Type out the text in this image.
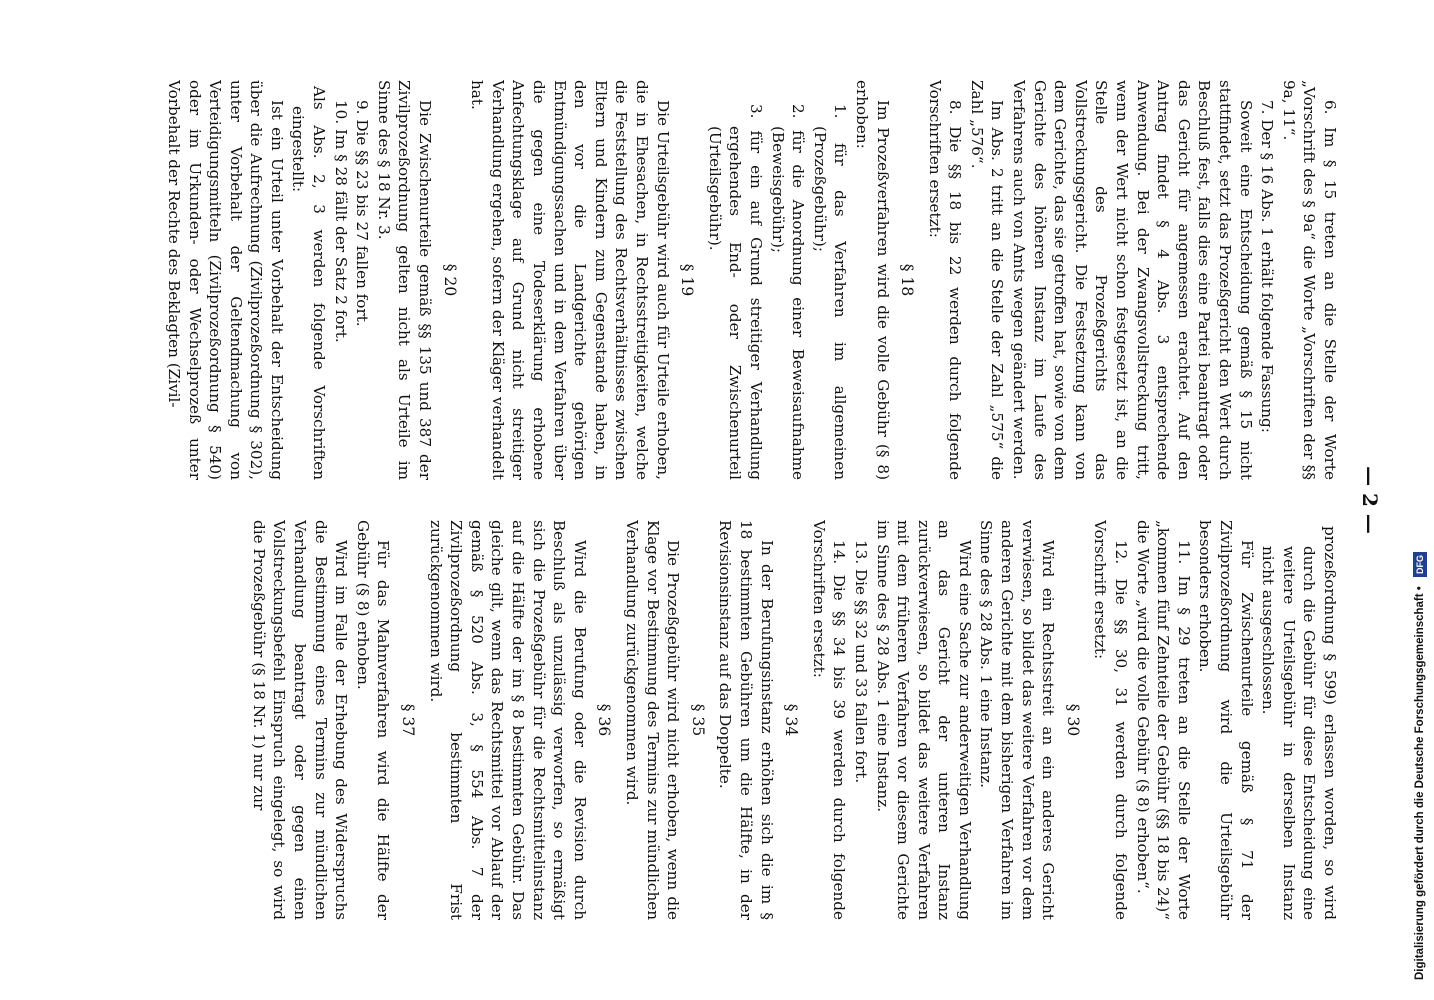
— 2 —

6. Im § 15 treten an die Stelle der Worte „Vorschrift des § 9a“ die Worte „Vorschriften der §§ 9a, 11“.

7. Der § 16 Abs. 1 erhält folgende Fassung:

Soweit eine Entscheidung gemäß § 15 nicht stattfindet, setzt das Prozeßgericht den Wert durch Beschluß fest, falls dies eine Partei beantragt oder das Gericht für angemessen erachtet. Auf den Antrag findet § 4 Abs. 3 entsprechende Anwendung. Bei der Zwangsvollstreckung tritt, wenn der Wert nicht schon festgesetzt ist, an die Stelle des Prozeßgerichts das Vollstreckungsgericht. Die Festsetzung kann von dem Gerichte, das sie getroffen hat, sowie von dem Gerichte des höheren Instanz im Laufe des Verfahrens auch von Amts wegen geändert werden.

Im Abs. 2 tritt an die Stelle der Zahl „575“ die Zahl „576“.

8. Die §§ 18 bis 22 werden durch folgende Vorschriften ersetzt:

§ 18

Im Prozeßverfahren wird die volle Gebühr (§ 8) erhoben:

1. für das Verfahren im allgemeinen (Prozeßgebühr);

2. für die Anordnung einer Beweisaufnahme (Beweisgebühr);

3. für ein auf Grund streitiger Verhandlung ergehendes End- oder Zwischenurteil (Urteilsgebühr).

§ 19

Die Urteilsgebühr wird auch für Urteile erhoben, die in Ehesachen, in Rechtsstreitigkeiten, welche die Feststellung des Rechtsverhältnisses zwischen Eltern und Kindern zum Gegenstande haben, in den vor die Landgerichte gehörigen Entmündigungssachen und in dem Verfahren über die gegen eine Todeserklärung erhobene Anfechtungsklage auf Grund nicht streitiger Verhandlung ergehen, sofern der Kläger verhandelt hat.

§ 20

Die Zwischenurteile gemäß §§ 135 und 387 der Zivilprozeßordnung gelten nicht als Urteile im Sinne des § 18 Nr. 3.

9. Die §§ 23 bis 27 fallen fort.

10. Im § 28 fällt der Satz 2 fort.

Als Abs. 2, 3 werden folgende Vorschriften eingestellt:

Ist ein Urteil unter Vorbehalt der Entscheidung über die Aufrechnung (Zivilprozeßordnung § 302), unter Vorbehalt der Geltendmachung von Verteidigungsmitteln (Zivilprozeßordnung § 540) oder im Urkunden- oder Wechselprozeß unter Vorbehalt der Rechte des Beklagten (Zivil-

prozeßordnung § 599) erlassen worden, so wird durch die Gebühr für diese Entscheidung eine weitere Urteilsgebühr in derselben Instanz nicht ausgeschlossen.

Für Zwischenurteile gemäß § 71 der Zivilprozeßordnung wird die Urteilsgebühr besonders erhoben.

11. Im § 29 treten an die Stelle der Worte „kommen fünf Zehnteile der Gebühr (§§ 18 bis 24)“ die Worte „wird die volle Gebühr (§ 8) erhoben“.

12. Die §§ 30, 31 werden durch folgende Vorschrift ersetzt:

§ 30

Wird ein Rechtsstreit an ein anderes Gericht verwiesen, so bildet das weitere Verfahren vor dem anderen Gerichte mit dem bisherigen Verfahren im Sinne des § 28 Abs. 1 eine Instanz.

Wird eine Sache zur anderweitigen Verhandlung an das Gericht der unteren Instanz zurückverwiesen, so bildet das weitere Verfahren mit dem früheren Verfahren vor diesem Gerichte im Sinne des § 28 Abs. 1 eine Instanz.

13. Die §§ 32 und 33 fallen fort.

14. Die §§ 34 bis 39 werden durch folgende Vorschriften ersetzt:

§ 34

In der Berufungsinstanz erhöhen sich die im § 18 bestimmten Gebühren um die Hälfte, in der Revisionsinstanz auf das Doppelte.

§ 35

Die Prozeßgebühr wird nicht erhoben, wenn die Klage vor Bestimmung des Termins zur mündlichen Verhandlung zurückgenommen wird.

§ 36

Wird die Berufung oder die Revision durch Beschluß als unzulässig verworfen, so ermäßigt sich die Prozeßgebühr für die Rechtsmittelinstanz auf die Hälfte der im § 8 bestimmten Gebühr. Das gleiche gilt, wenn das Rechtsmittel vor Ablauf der gemäß § 520 Abs. 3, § 554 Abs. 7 der Zivilprozeßordnung bestimmten Frist zurückgenommen wird.

§ 37

Für das Mahnverfahren wird die Hälfte der Gebühr (§ 8) erhoben.

Wird im Falle der Erhebung des Widerspruchs die Bestimmung eines Termins zur mündlichen Verhandlung beantragt oder gegen einen Vollstreckungsbefehl Einspruch eingelegt, so wird die Prozeßgebühr (§ 18 Nr. 1) nur zur	Digitalisierung gefördert durch die Deutsche Forschungsgemeinschaft • DFG
